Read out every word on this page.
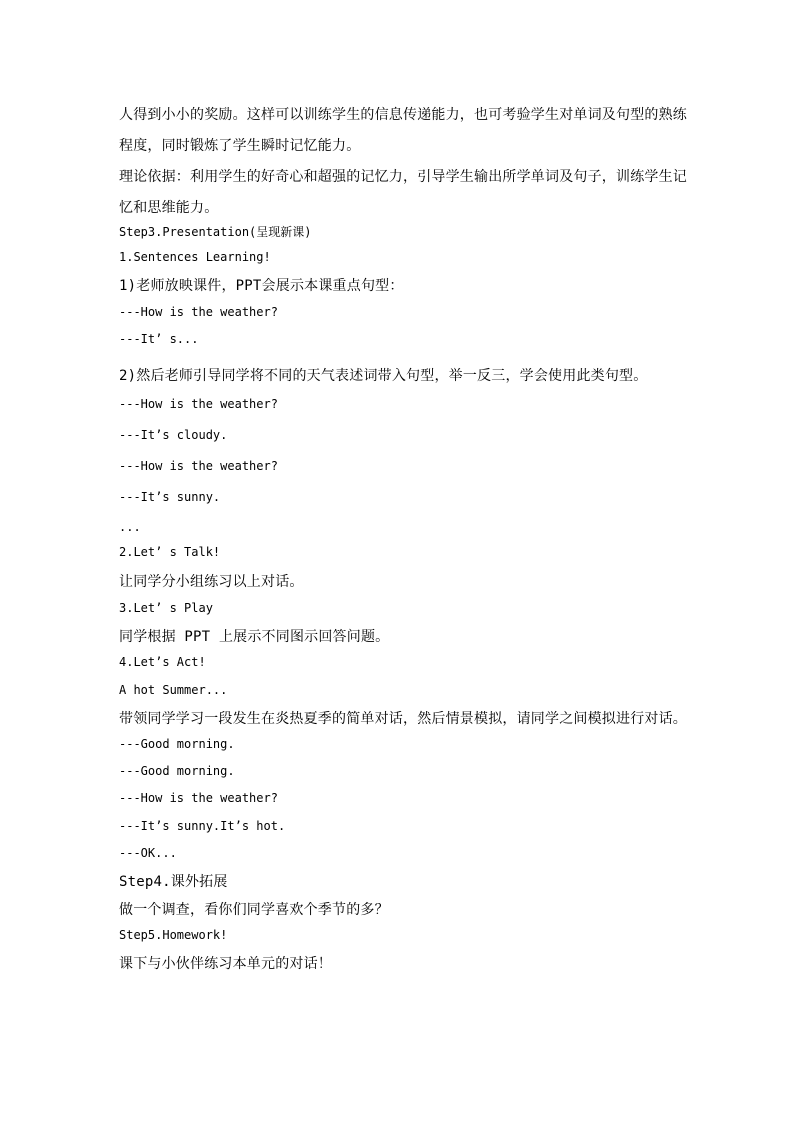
人得到小小的奖励。这样可以训练学生的信息传递能力，也可考验学生对单词及句型的熟练
程度，同时锻炼了学生瞬时记忆能力。
理论依据：利用学生的好奇心和超强的记忆力，引导学生输出所学单词及句子，训练学生记
忆和思维能力。
Step3.Presentation(呈现新课)
1.Sentences Learning!
1)老师放映课件，PPT会展示本课重点句型：
---How is the weather?
---It’ s...
2)然后老师引导同学将不同的天气表述词带入句型，举一反三，学会使用此类句型。
---How is the weather?
---It’s cloudy.
---How is the weather?
---It’s sunny.
...
2.Let’ s Talk!
让同学分小组练习以上对话。
3.Let’ s Play
同学根据 PPT 上展示不同图示回答问题。
4.Let’s Act!
A hot Summer...
带领同学学习一段发生在炎热夏季的简单对话，然后情景模拟，请同学之间模拟进行对话。
---Good morning.
---Good morning.
---How is the weather?
---It’s sunny.It’s hot.
---OK...
Step4.课外拓展
做一个调查，看你们同学喜欢个季节的多？
Step5.Homework!
课下与小伙伴练习本单元的对话！
